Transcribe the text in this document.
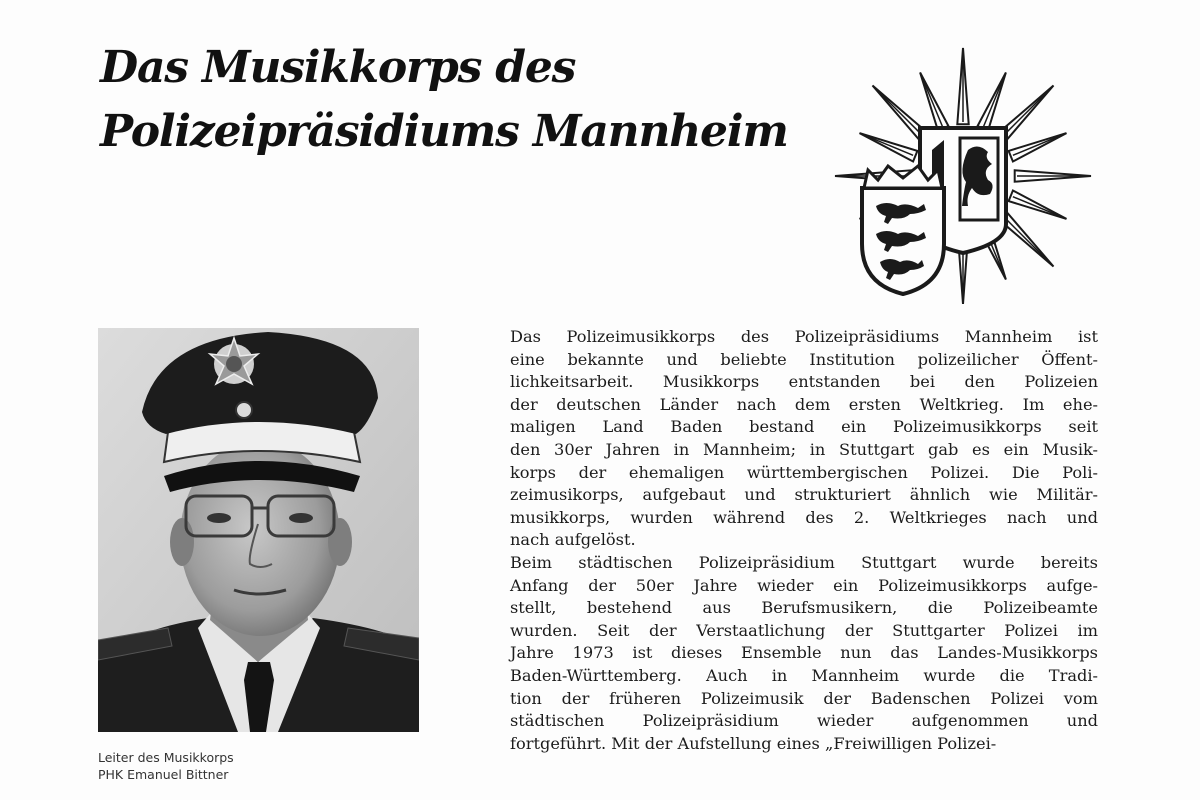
Das Musikkorps des
Polizeipräsidiums Mannheim
Leiter des Musikkorps
PHK Emanuel Bittner
Das Polizeimusikkorps des Polizeipräsidiums Mannheim ist
eine bekannte und beliebte Institution polizeilicher Öffent-
lichkeitsarbeit. Musikkorps entstanden bei den Polizeien
der deutschen Länder nach dem ersten Weltkrieg. Im ehe-
maligen Land Baden bestand ein Polizeimusikkorps seit
den 30er Jahren in Mannheim; in Stuttgart gab es ein Musik-
korps der ehemaligen württembergischen Polizei. Die Poli-
zeimusikorps, aufgebaut und strukturiert ähnlich wie Militär-
musikkorps, wurden während des 2. Weltkrieges nach und
nach aufgelöst.
Beim städtischen Polizeipräsidium Stuttgart wurde bereits
Anfang der 50er Jahre wieder ein Polizeimusikkorps aufge-
stellt, bestehend aus Berufsmusikern, die Polizeibeamte
wurden. Seit der Verstaatlichung der Stuttgarter Polizei im
Jahre 1973 ist dieses Ensemble nun das Landes-Musikkorps
Baden-Württemberg. Auch in Mannheim wurde die Tradi-
tion der früheren Polizeimusik der Badenschen Polizei vom
städtischen Polizeipräsidium wieder aufgenommen und
fortgeführt. Mit der Aufstellung eines „Freiwilligen Polizei-
